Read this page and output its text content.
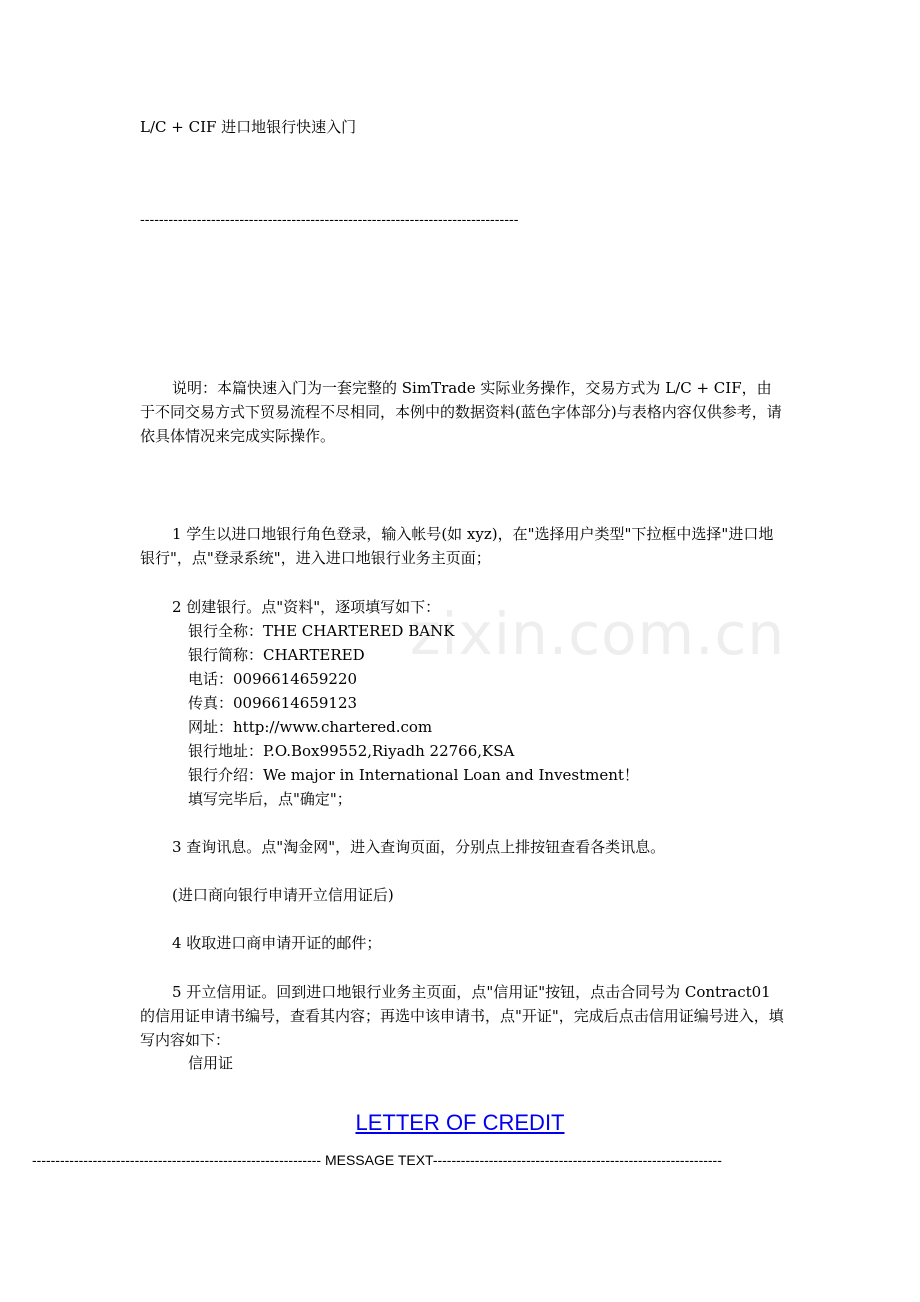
zixin.com.cn
L/C + CIF 进口地银行快速入门
--------------------------------------------------------------------------------
说明：本篇快速入门为一套完整的 SimTrade 实际业务操作，交易方式为 L/C + CIF，由于不同交易方式下贸易流程不尽相同，本例中的数据资料(蓝色字体部分)与表格内容仅供参考，请依具体情况来完成实际操作。
1 学生以进口地银行角色登录，输入帐号(如 xyz)，在"选择用户类型"下拉框中选择"进口地银行"，点"登录系统"，进入进口地银行业务主页面；
2 创建银行。点"资料"，逐项填写如下：
银行全称：THE CHARTERED BANK
银行简称：CHARTERED
电话：0096614659220
传真：0096614659123
网址：http://www.chartered.com
银行地址：P.O.Box99552,Riyadh 22766,KSA
银行介绍：We major in International Loan and Investment！
填写完毕后，点"确定"；
3 查询讯息。点"淘金网"，进入查询页面，分别点上排按钮查看各类讯息。
(进口商向银行申请开立信用证后)
4 收取进口商申请开证的邮件；
5 开立信用证。回到进口地银行业务主页面，点"信用证"按钮，点击合同号为 Contract01 的信用证申请书编号，查看其内容；再选中该申请书，点"开证"，完成后点击信用证编号进入，填写内容如下：
信用证
LETTER OF CREDIT
-------------------------------------------------------------- MESSAGE TEXT--------------------------------------------------------------
